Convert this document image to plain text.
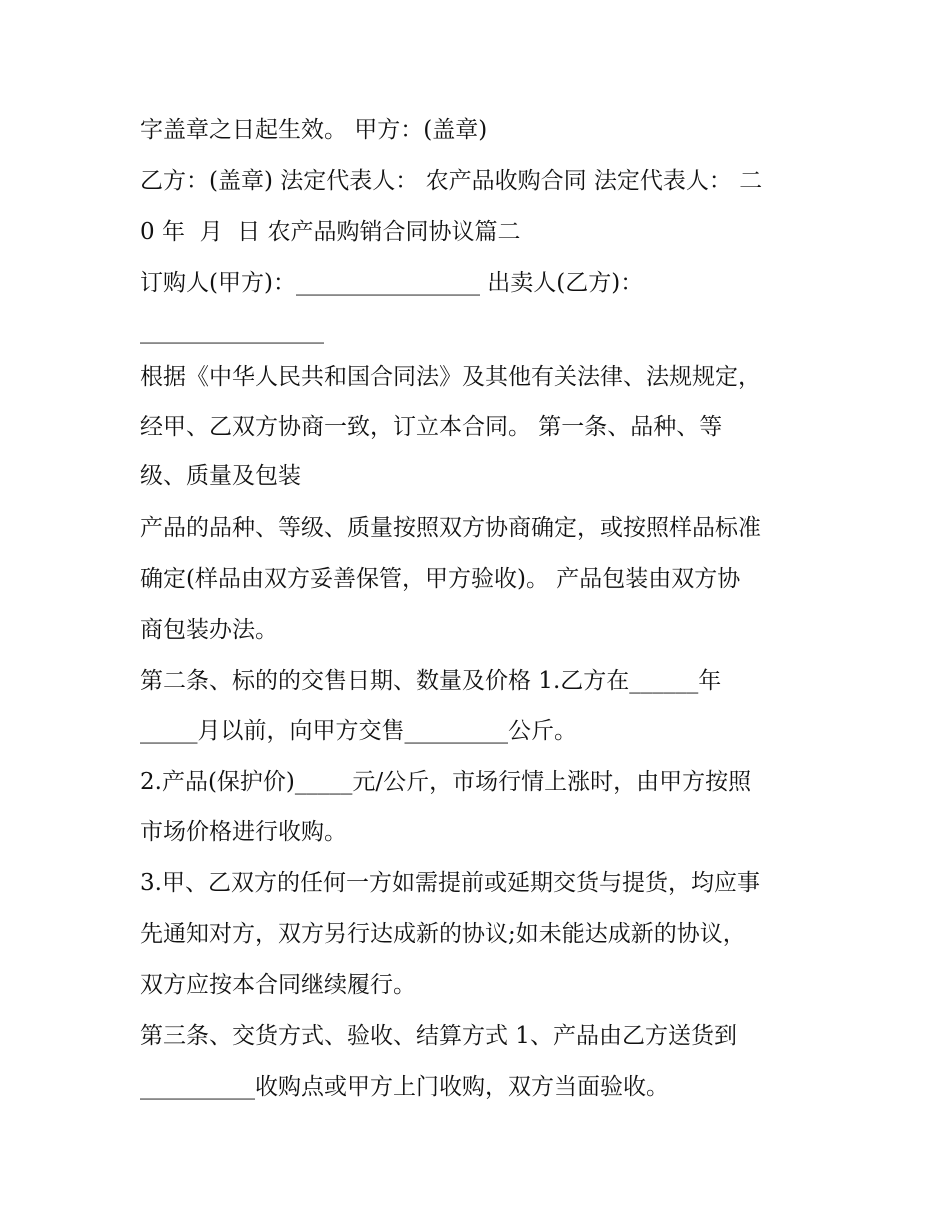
字盖章之日起生效。 甲方：(盖章)
乙方：(盖章) 法定代表人： 农产品收购合同 法定代表人： 二
0 年  月  日 农产品购销合同协议篇二
订购人(甲方)：________________ 出卖人(乙方)：
________________
根据《中华人民共和国合同法》及其他有关法律、法规规定，
经甲、乙双方协商一致，订立本合同。 第一条、品种、等
级、质量及包装
产品的品种、等级、质量按照双方协商确定，或按照样品标准
确定(样品由双方妥善保管，甲方验收)。 产品包装由双方协
商包装办法。
第二条、标的的交售日期、数量及价格 1.乙方在______年
_____月以前，向甲方交售_________公斤。
2.产品(保护价)_____元/公斤，市场行情上涨时，由甲方按照
市场价格进行收购。
3.甲、乙双方的任何一方如需提前或延期交货与提货，均应事
先通知对方，双方另行达成新的协议;如未能达成新的协议，
双方应按本合同继续履行。
第三条、交货方式、验收、结算方式 1、产品由乙方送货到
__________收购点或甲方上门收购，双方当面验收。
